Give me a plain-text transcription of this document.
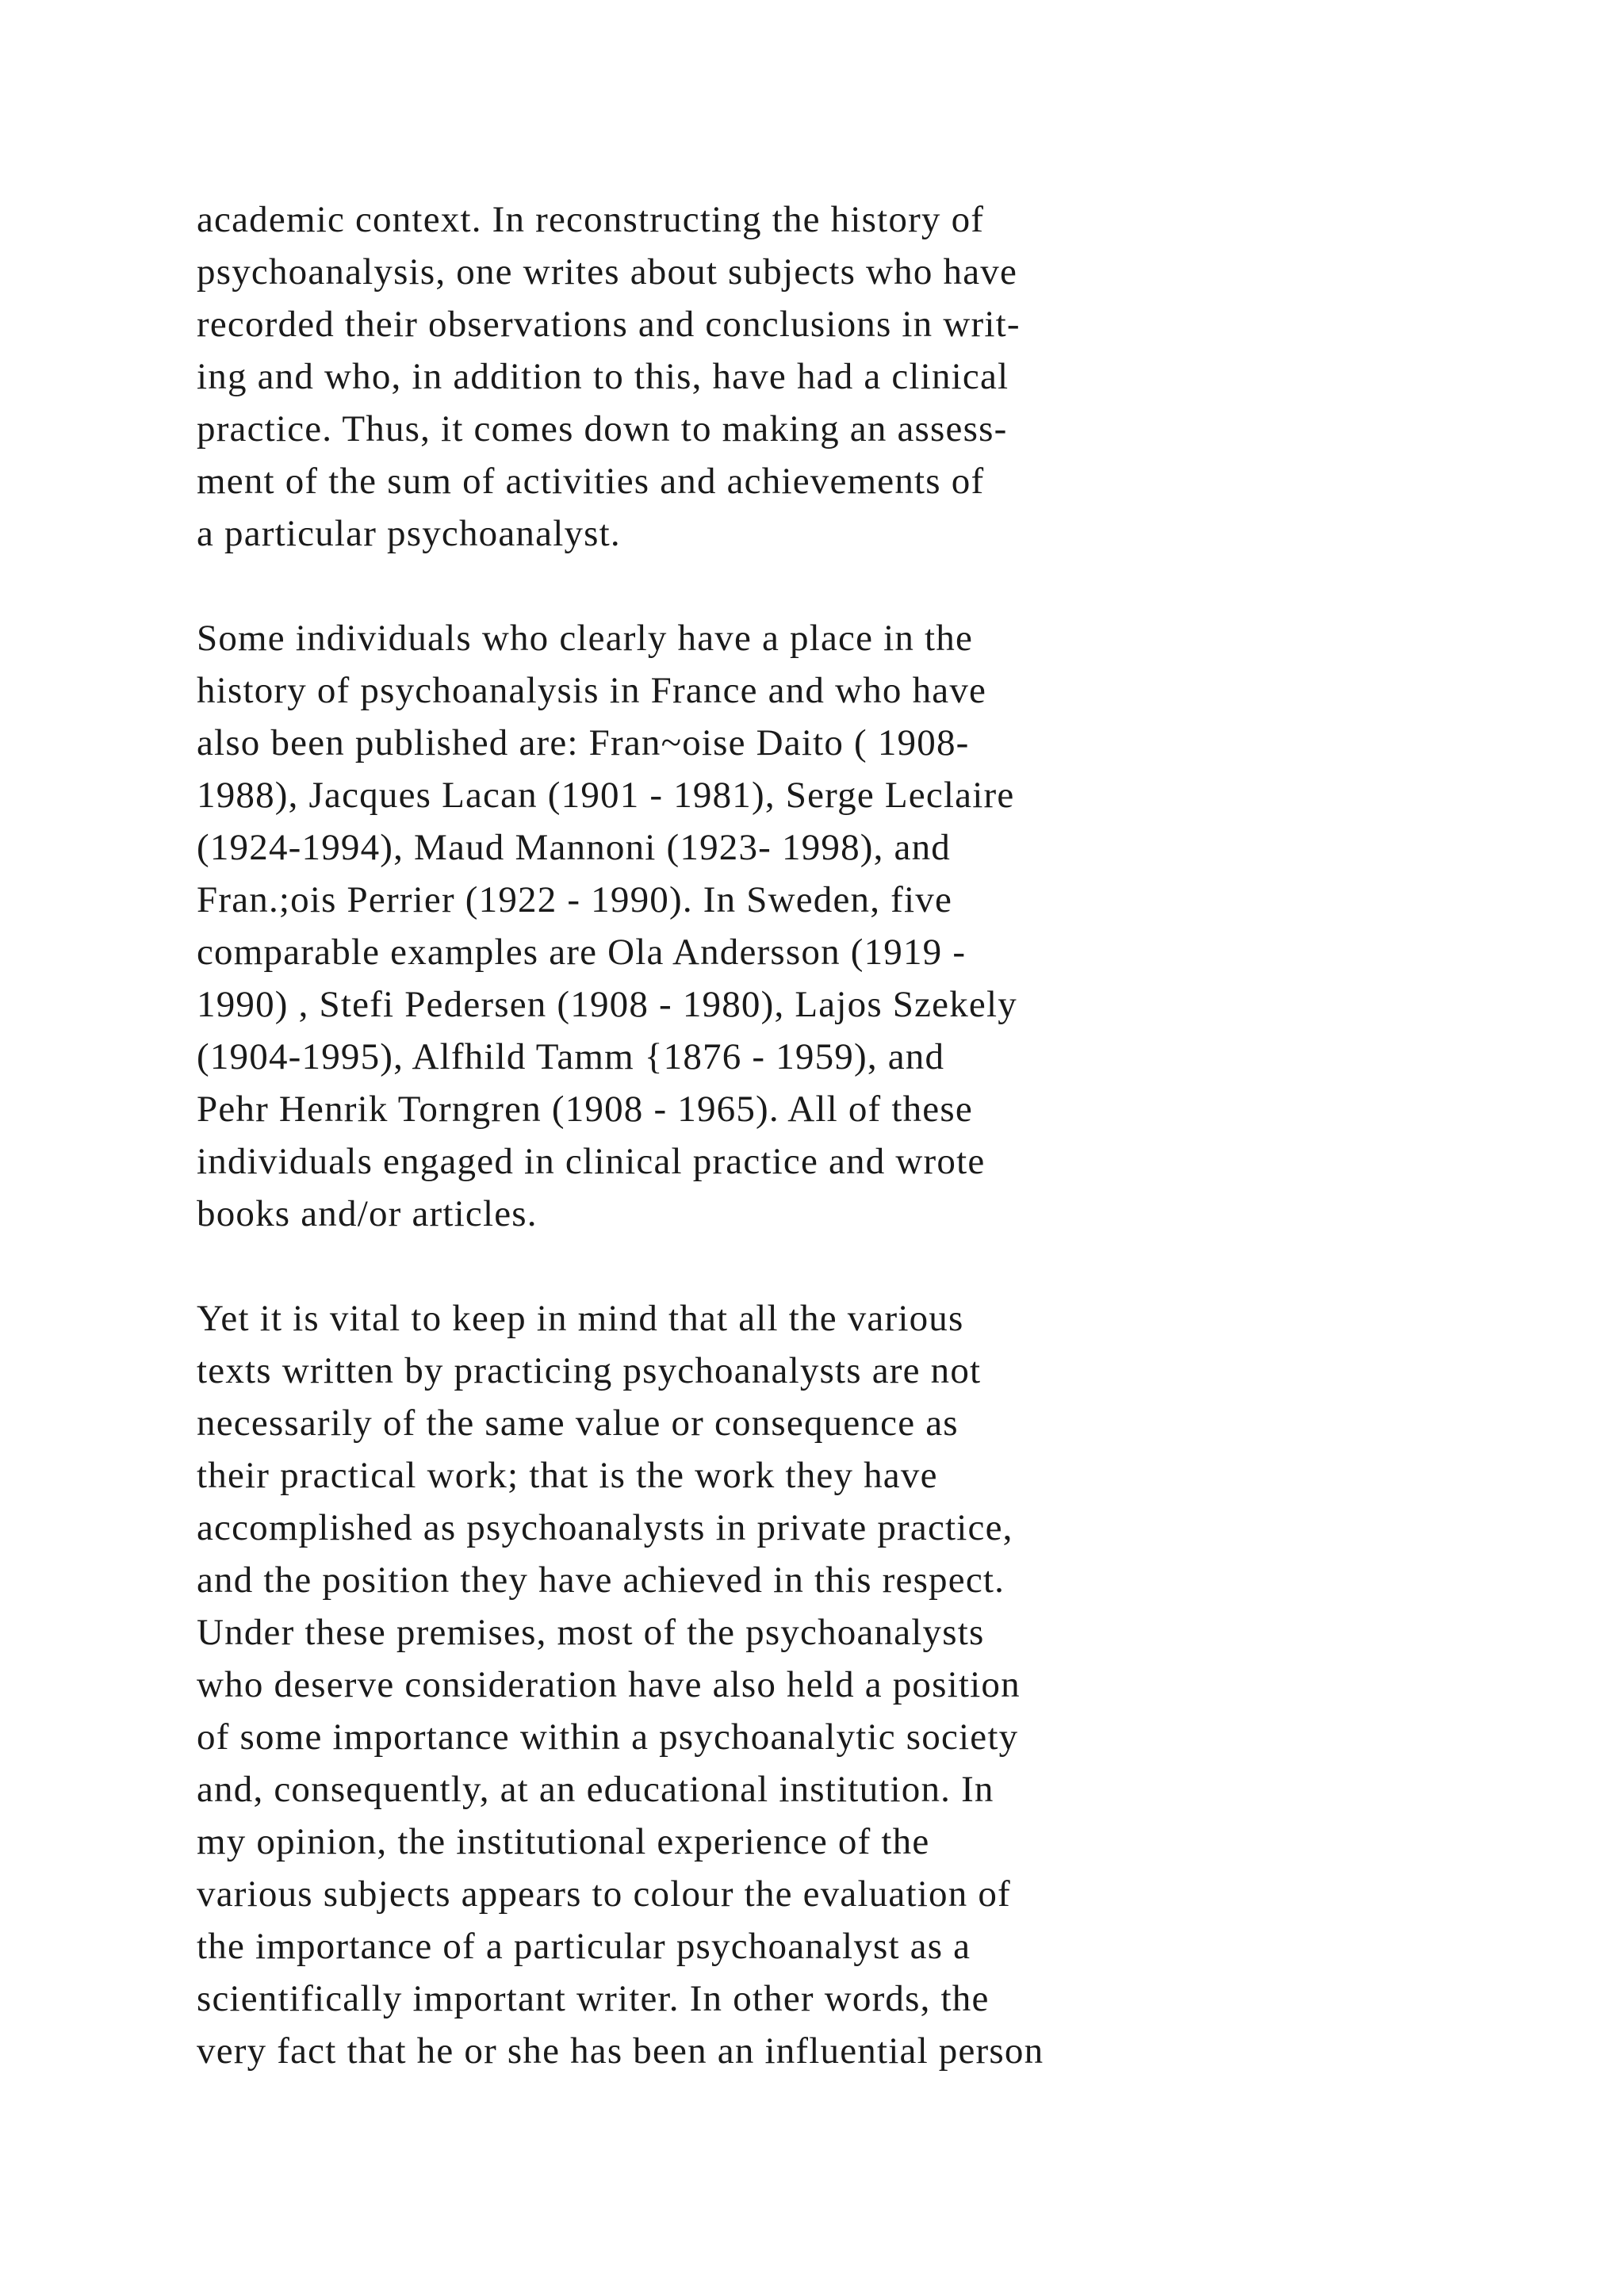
academic context. In reconstructing the history of
psychoanalysis, one writes about subjects who have
recorded their observations and conclusions in writ-
ing and who, in addition to this, have had a clinical
practice. Thus, it comes down to making an assess-
ment of the sum of activities and achievements of
a particular psychoanalyst.
Some individuals who clearly have a place in the
history of psychoanalysis in France and who have
also been published are: Fran~oise Daito ( 1908-
1988), Jacques Lacan (1901 - 1981), Serge Leclaire
(1924-1994), Maud Mannoni (1923- 1998), and
Fran.;ois Perrier (1922 - 1990). In Sweden, five
comparable examples are Ola Andersson (1919 -
1990) , Stefi Pedersen (1908 - 1980), Lajos Szekely
(1904-1995), Alfhild Tamm {1876 - 1959), and
Pehr Henrik Torngren (1908 - 1965). All of these
individuals engaged in clinical practice and wrote
books and/or articles.
Yet it is vital to keep in mind that all the various
texts written by practicing psychoanalysts are not
necessarily of the same value or consequence as
their practical work; that is the work they have
accomplished as psychoanalysts in private practice,
and the position they have achieved in this respect.
Under these premises, most of the psychoanalysts
who deserve consideration have also held a position
of some importance within a psychoanalytic society
and, consequently, at an educational institution. In
my opinion, the institutional experience of the
various subjects appears to colour the evaluation of
the importance of a particular psychoanalyst as a
scientifically important writer. In other words, the
very fact that he or she has been an influential person
